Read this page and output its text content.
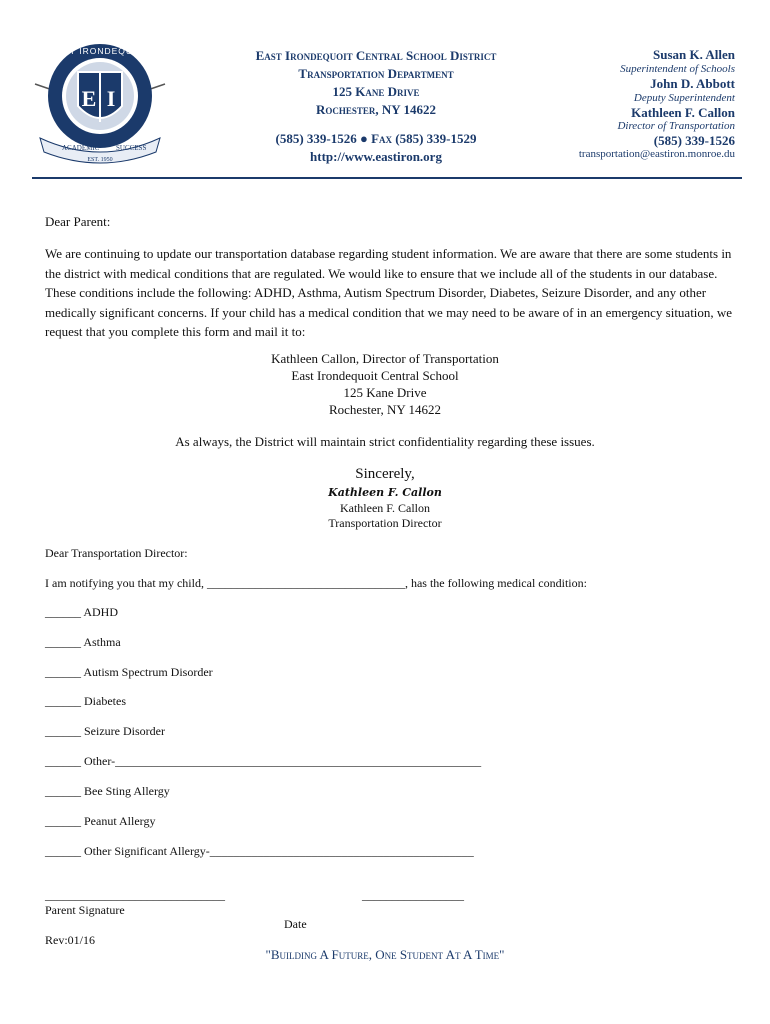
E I
EAST IRONDEQUOIT
ACADEMIC SUCCESS
EST. 1950
East Irondequoit Central School District
Transportation Department
125 Kane Drive
Rochester, NY 14622
(585) 339-1526 ● Fax (585) 339-1529
http://www.eastiron.org
Susan K. Allen
Superintendent of Schools
John D. Abbott
Deputy Superintendent
Kathleen F. Callon
Director of Transportation
(585) 339-1526
transportation@eastiron.monroe.du
Dear Parent:
We are continuing to update our transportation database regarding student information. We are aware that there are some students in the district with medical conditions that are regulated. We would like to ensure that we include all of the students in our database. These conditions include the following: ADHD, Asthma, Autism Spectrum Disorder, Diabetes, Seizure Disorder, and any other medically significant concerns. If your child has a medical condition that we may need to be aware of in an emergency situation, we request that you complete this form and mail it to:
Kathleen Callon, Director of Transportation
East Irondequoit Central School
125 Kane Drive
Rochester, NY 14622
As always, the District will maintain strict confidentiality regarding these issues.
Sincerely,
Kathleen F. Callon
Kathleen F. Callon
Transportation Director
Dear Transportation Director:
I am notifying you that my child, _________________________________, has the following medical condition:
______ ADHD
______ Asthma
______ Autism Spectrum Disorder
______ Diabetes
______ Seizure Disorder
______ Other-_____________________________________________________________
______ Bee Sting Allergy
______ Peanut Allergy
______ Other Significant Allergy-____________________________________________
______________________________	_________________
Parent Signature
Date
Rev:01/16
"Building A Future, One Student At A Time"
